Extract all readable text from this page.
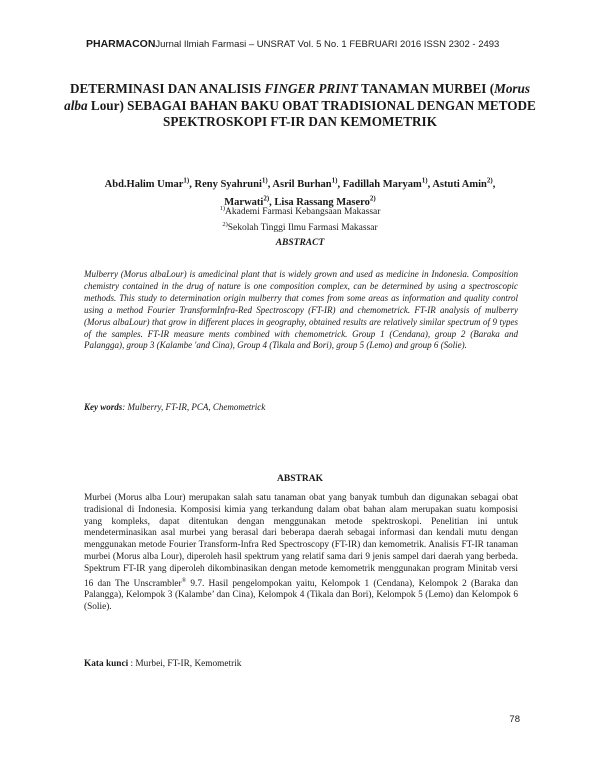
PHARMACONJurnal Ilmiah Farmasi – UNSRAT Vol. 5 No. 1 FEBRUARI 2016 ISSN 2302 - 2493
DETERMINASI DAN ANALISIS FINGER PRINT TANAMAN MURBEI (Morus alba Lour) SEBAGAI BAHAN BAKU OBAT TRADISIONAL DENGAN METODE SPEKTROSKOPI FT-IR DAN KEMOMETRIK
Abd.Halim Umar$^{1)}$, Reny Syahruni$^{1)}$, Asril Burhan$^{1)}$, Fadillah Maryam$^{1)}$, Astuti Amin$^{2)}$, Marwati$^{2)}$, Lisa Rassang Masero$^{2)}$
$^{1)}$Akademi Farmasi Kebangsaan Makassar
$^{2)}$Sekolah Tinggi Ilmu Farmasi Makassar
ABSTRACT
Mulberry (Morus albaLour) is amedicinal plant that is widely grown and used as medicine in Indonesia. Composition chemistry contained in the drug of nature is one composition complex, can be determined by using a spectroscopic methods. This study to determination origin mulberry that comes from some areas as information and quality control using a method Fourier TransformInfra-Red Spectroscopy (FT-IR) and chemometrick. FT-IR analysis of mulberry (Morus albaLour) that grow in different places in geography, obtained results are relatively similar spectrum of 9 types of the samples. FT-IR measure ments combined with chemometrick. Group 1 (Cendana), group 2 (Baraka and Palangga), group 3 (Kalambe 'and Cina), Group 4 (Tikala and Bori), group 5 (Lemo) and group 6 (Solie).
Key words: Mulberry, FT-IR, PCA, Chemometrick
ABSTRAK
Murbei (Morus alba Lour) merupakan salah satu tanaman obat yang banyak tumbuh dan digunakan sebagai obat tradisional di Indonesia. Komposisi kimia yang terkandung dalam obat bahan alam merupakan suatu komposisi yang kompleks, dapat ditentukan dengan menggunakan metode spektroskopi. Penelitian ini untuk mendeterminasikan asal murbei yang berasal dari beberapa daerah sebagai informasi dan kendali mutu dengan menggunakan metode Fourier Transform-Infra Red Spectroscopy (FT-IR) dan kemometrik. Analisis FT-IR tanaman murbei (Morus alba Lour), diperoleh hasil spektrum yang relatif sama dari 9 jenis sampel dari daerah yang berbeda. Spektrum FT-IR yang diperoleh dikombinasikan dengan metode kemometrik menggunakan program Minitab versi 16 dan The Unscrambler® 9.7. Hasil pengelompokan yaitu, Kelompok 1 (Cendana), Kelompok 2 (Baraka dan Palangga), Kelompok 3 (Kalambe’ dan Cina), Kelompok 4 (Tikala dan Bori), Kelompok 5 (Lemo) dan Kelompok 6 (Solie).
Kata kunci : Murbei, FT-IR, Kemometrik
78
